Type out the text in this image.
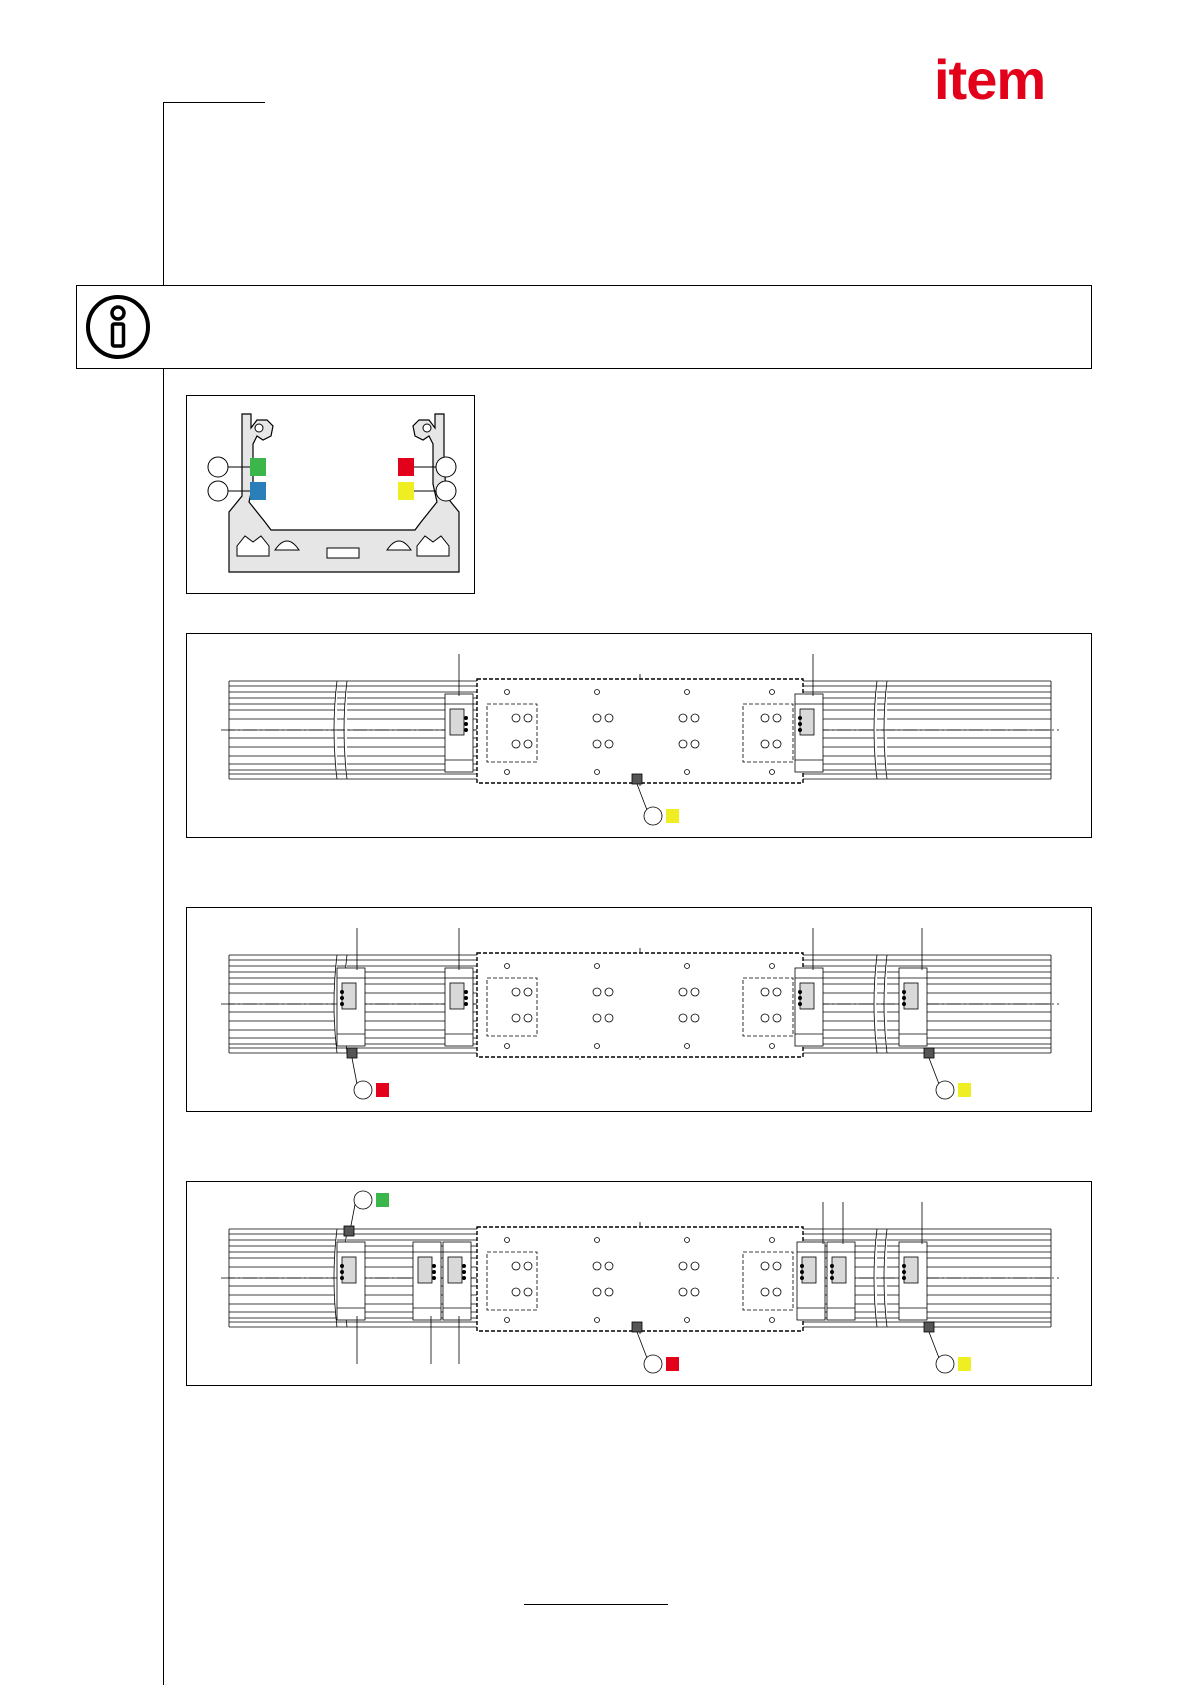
item
